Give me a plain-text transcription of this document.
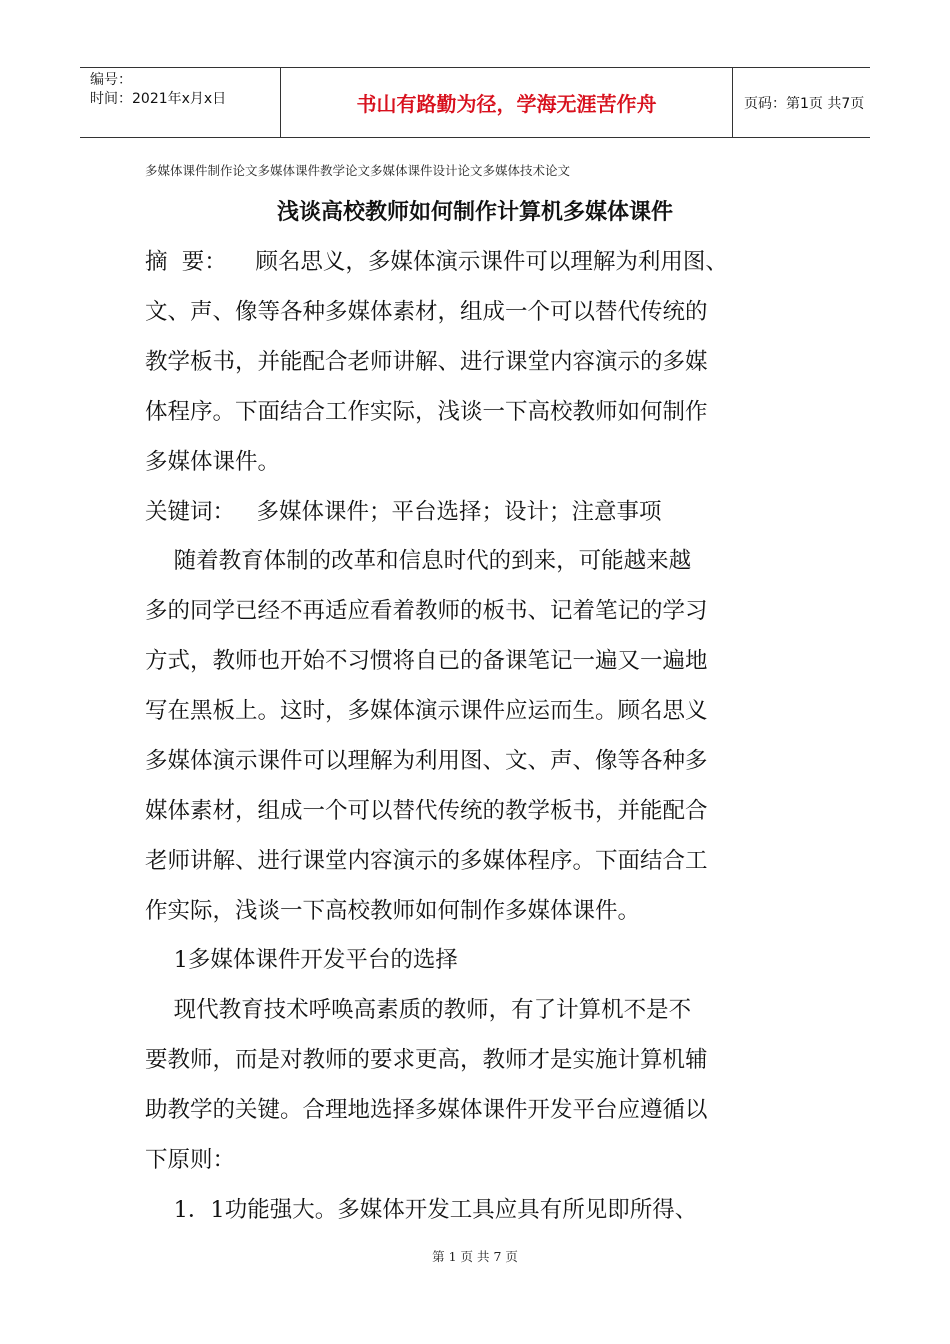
编号：
时间：2021年x月x日	书山有路勤为径，学海无涯苦作舟	页码：第1页 共7页
多媒体课件制作论文多媒体课件教学论文多媒体课件设计论文多媒体技术论文
浅谈高校教师如何制作计算机多媒体课件
摘  要：    顾名思义，多媒体演示课件可以理解为利用图、
文、声、像等各种多媒体素材，组成一个可以替代传统的
教学板书，并能配合老师讲解、进行课堂内容演示的多媒
体程序。下面结合工作实际，浅谈一下高校教师如何制作
多媒体课件。
关键词：   多媒体课件；平台选择；设计；注意事项
随着教育体制的改革和信息时代的到来，可能越来越
多的同学已经不再适应看着教师的板书、记着笔记的学习
方式，教师也开始不习惯将自已的备课笔记一遍又一遍地
写在黑板上。这时，多媒体演示课件应运而生。顾名思义
多媒体演示课件可以理解为利用图、文、声、像等各种多
媒体素材，组成一个可以替代传统的教学板书，并能配合
老师讲解、进行课堂内容演示的多媒体程序。下面结合工
作实际，浅谈一下高校教师如何制作多媒体课件。
1多媒体课件开发平台的选择
现代教育技术呼唤高素质的教师，有了计算机不是不
要教师，而是对教师的要求更高，教师才是实施计算机辅
助教学的关键。合理地选择多媒体课件开发平台应遵循以
下原则：
1．1功能强大。多媒体开发工具应具有所见即所得、
第 1 页 共 7 页
